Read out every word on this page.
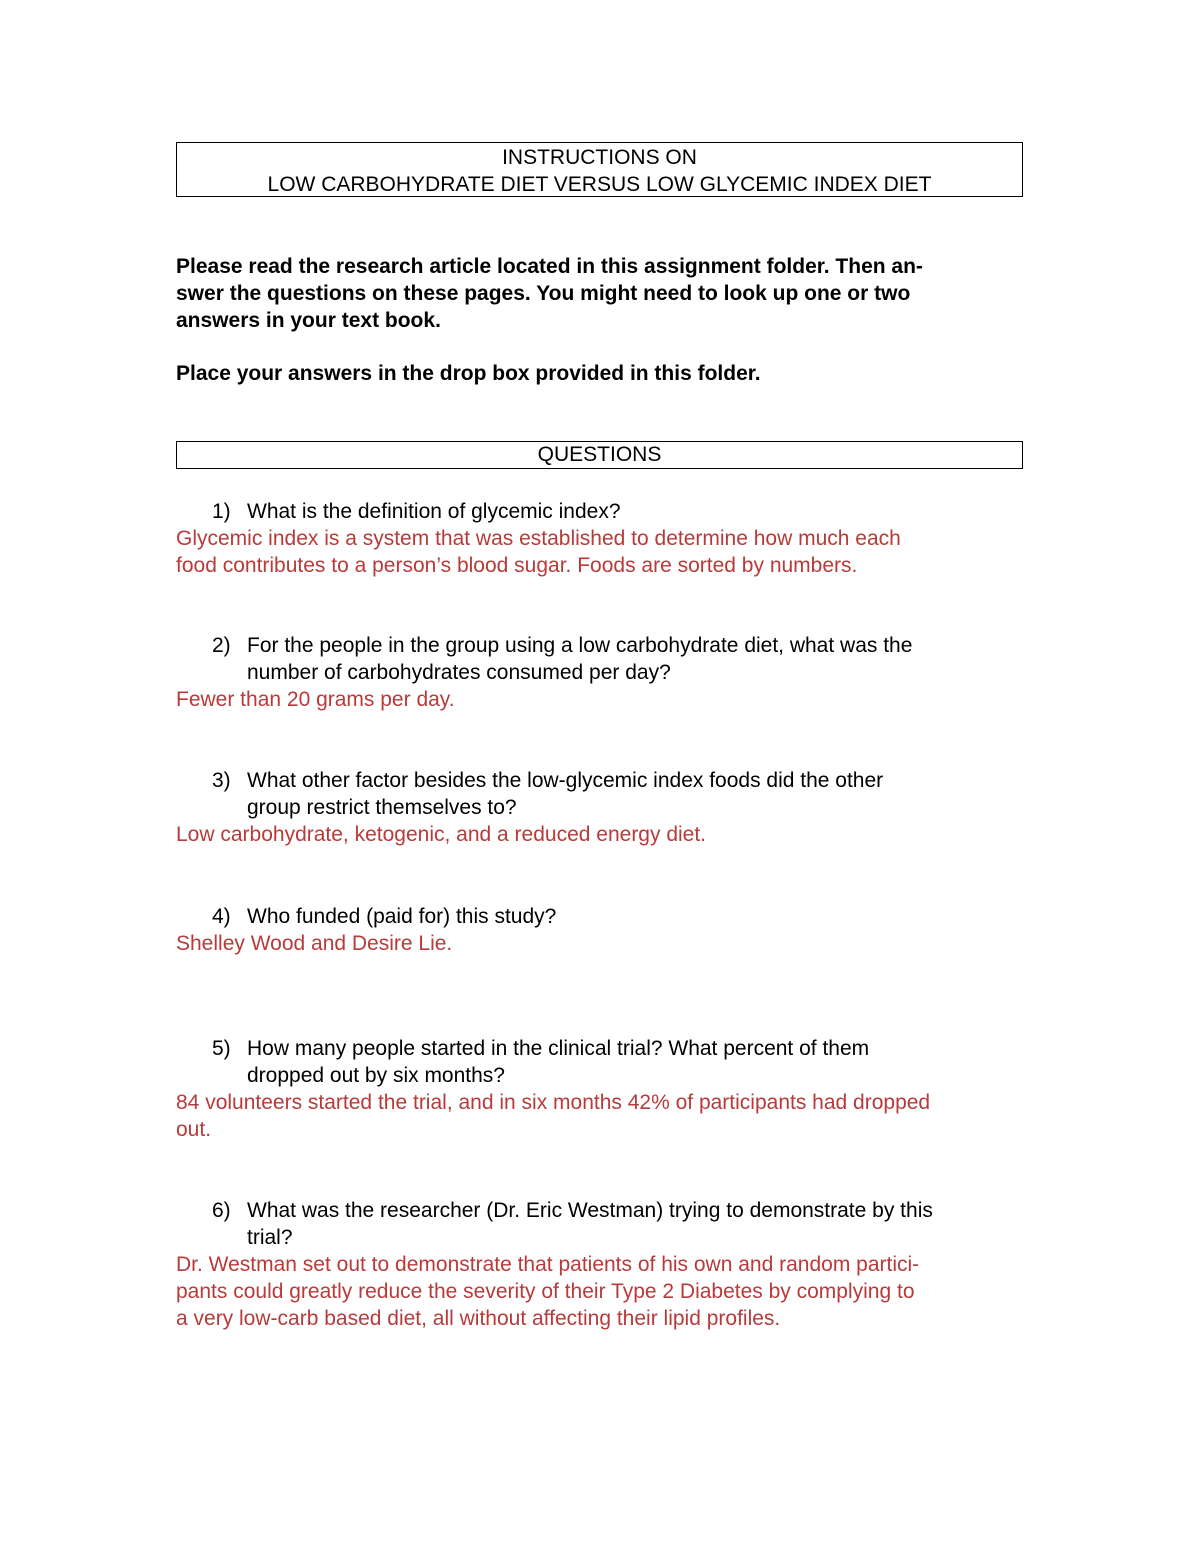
INSTRUCTIONS ON
LOW CARBOHYDRATE DIET VERSUS LOW GLYCEMIC INDEX DIET
Please read the research article located in this assignment folder. Then an-
swer the questions on these pages. You might need to look up one or two
answers in your text book.
Place your answers in the drop box provided in this folder.
QUESTIONS
1) What is the definition of glycemic index?
Glycemic index is a system that was established to determine how much each
food contributes to a person’s blood sugar. Foods are sorted by numbers.
2) For the people in the group using a low carbohydrate diet, what was the
number of carbohydrates consumed per day?
Fewer than 20 grams per day.
3) What other factor besides the low-glycemic index foods did the other
group restrict themselves to?
Low carbohydrate, ketogenic, and a reduced energy diet.
4) Who funded (paid for) this study?
Shelley Wood and Desire Lie.
5) How many people started in the clinical trial? What percent of them
dropped out by six months?
84 volunteers started the trial, and in six months 42% of participants had dropped
out.
6) What was the researcher (Dr. Eric Westman) trying to demonstrate by this
trial?
Dr. Westman set out to demonstrate that patients of his own and random partici-
pants could greatly reduce the severity of their Type 2 Diabetes by complying to
a very low-carb based diet, all without affecting their lipid profiles.
